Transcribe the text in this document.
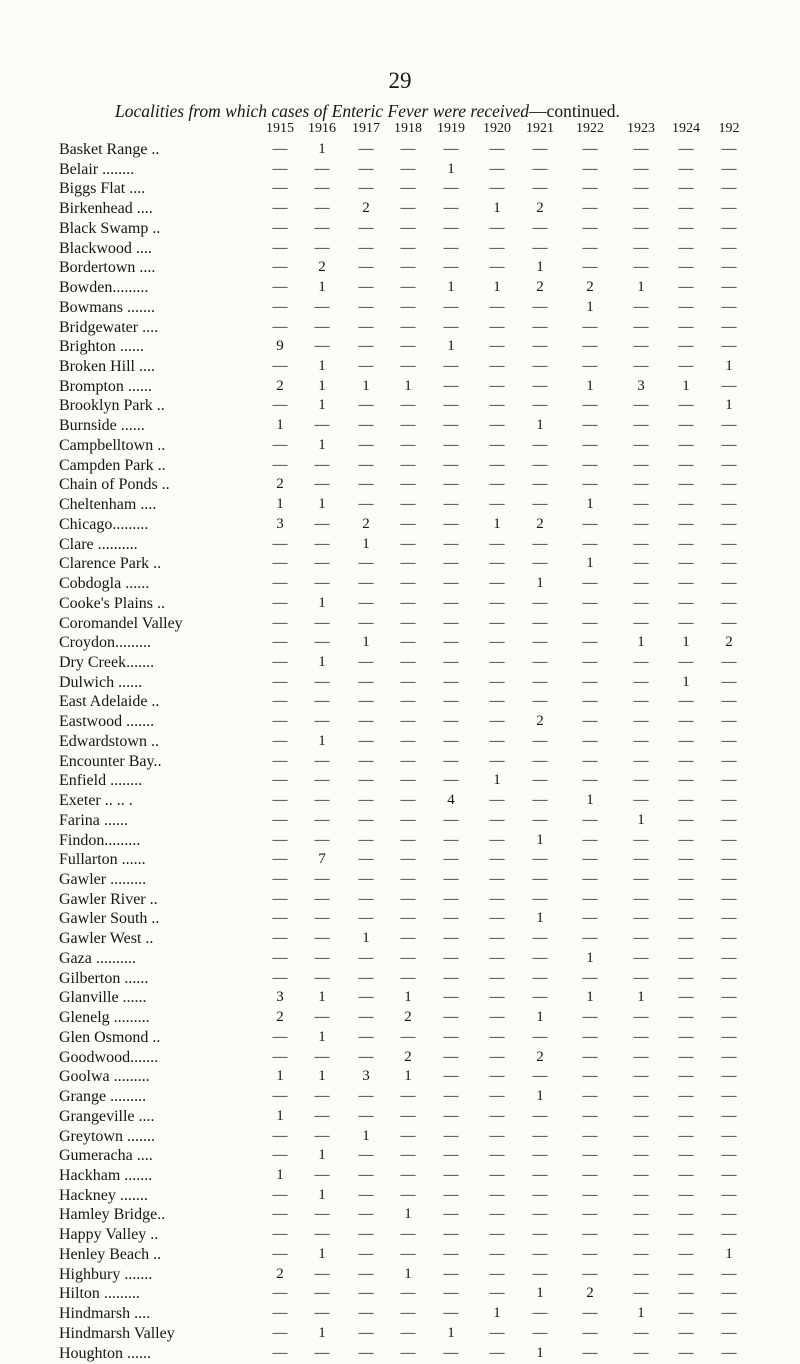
29
Localities from which cases of Enteric Fever were received—continued.
1915	1916	1917	1918	1919	1920	1921	1922	1923	1924	192
Basket Range ..	—	1	—	—	—	—	—	—	—	—	—
Belair ........	—	—	—	—	1	—	—	—	—	—	—
Biggs Flat ....	—	—	—	—	—	—	—	—	—	—	—
Birkenhead ....	—	—	2	—	—	1	2	—	—	—	—
Black Swamp ..	—	—	—	—	—	—	—	—	—	—	—
Blackwood ....	—	—	—	—	—	—	—	—	—	—	—
Bordertown ....	—	2	—	—	—	—	1	—	—	—	—
Bowden.........	—	1	—	—	1	1	2	2	1	—	—
Bowmans .......	—	—	—	—	—	—	—	1	—	—	—
Bridgewater ....	—	—	—	—	—	—	—	—	—	—	—
Brighton ......	9	—	—	—	1	—	—	—	—	—	—
Broken Hill ....	—	1	—	—	—	—	—	—	—	—	1
Brompton ......	2	1	1	1	—	—	—	1	3	1	—
Brooklyn Park ..	—	1	—	—	—	—	—	—	—	—	1
Burnside ......	1	—	—	—	—	—	1	—	—	—	—
Campbelltown ..	—	1	—	—	—	—	—	—	—	—	—
Campden Park ..	—	—	—	—	—	—	—	—	—	—	—
Chain of Ponds ..	2	—	—	—	—	—	—	—	—	—	—
Cheltenham ....	1	1	—	—	—	—	—	1	—	—	—
Chicago.........	3	—	2	—	—	1	2	—	—	—	—
Clare ..........	—	—	1	—	—	—	—	—	—	—	—
Clarence Park ..	—	—	—	—	—	—	—	1	—	—	—
Cobdogla ......	—	—	—	—	—	—	1	—	—	—	—
Cooke's Plains ..	—	1	—	—	—	—	—	—	—	—	—
Coromandel Valley	—	—	—	—	—	—	—	—	—	—	—
Croydon.........	—	—	1	—	—	—	—	—	1	1	2
Dry Creek.......	—	1	—	—	—	—	—	—	—	—	—
Dulwich ......	—	—	—	—	—	—	—	—	—	1	—
East Adelaide ..	—	—	—	—	—	—	—	—	—	—	—
Eastwood .......	—	—	—	—	—	—	2	—	—	—	—
Edwardstown ..	—	1	—	—	—	—	—	—	—	—	—
Encounter Bay..	—	—	—	—	—	—	—	—	—	—	—
Enfield ........	—	—	—	—	—	1	—	—	—	—	—
Exeter .. .. .	—	—	—	—	4	—	—	1	—	—	—
Farina ......	—	—	—	—	—	—	—	—	1	—	—
Findon.........	—	—	—	—	—	—	1	—	—	—	—
Fullarton ......	—	7	—	—	—	—	—	—	—	—	—
Gawler .........	—	—	—	—	—	—	—	—	—	—	—
Gawler River ..	—	—	—	—	—	—	—	—	—	—	—
Gawler South ..	—	—	—	—	—	—	1	—	—	—	—
Gawler West ..	—	—	1	—	—	—	—	—	—	—	—
Gaza ..........	—	—	—	—	—	—	—	1	—	—	—
Gilberton ......	—	—	—	—	—	—	—	—	—	—	—
Glanville ......	3	1	—	1	—	—	—	1	1	—	—
Glenelg .........	2	—	—	2	—	—	1	—	—	—	—
Glen Osmond ..	—	1	—	—	—	—	—	—	—	—	—
Goodwood.......	—	—	—	2	—	—	2	—	—	—	—
Goolwa .........	1	1	3	1	—	—	—	—	—	—	—
Grange .........	—	—	—	—	—	—	1	—	—	—	—
Grangeville ....	1	—	—	—	—	—	—	—	—	—	—
Greytown .......	—	—	1	—	—	—	—	—	—	—	—
Gumeracha ....	—	1	—	—	—	—	—	—	—	—	—
Hackham .......	1	—	—	—	—	—	—	—	—	—	—
Hackney .......	—	1	—	—	—	—	—	—	—	—	—
Hamley Bridge..	—	—	—	1	—	—	—	—	—	—	—
Happy Valley ..	—	—	—	—	—	—	—	—	—	—	—
Henley Beach ..	—	1	—	—	—	—	—	—	—	—	1
Highbury .......	2	—	—	1	—	—	—	—	—	—	—
Hilton .........	—	—	—	—	—	—	1	2	—	—	—
Hindmarsh ....	—	—	—	—	—	1	—	—	1	—	—
Hindmarsh Valley	—	1	—	—	1	—	—	—	—	—	—
Houghton ......	—	—	—	—	—	—	1	—	—	—	—
